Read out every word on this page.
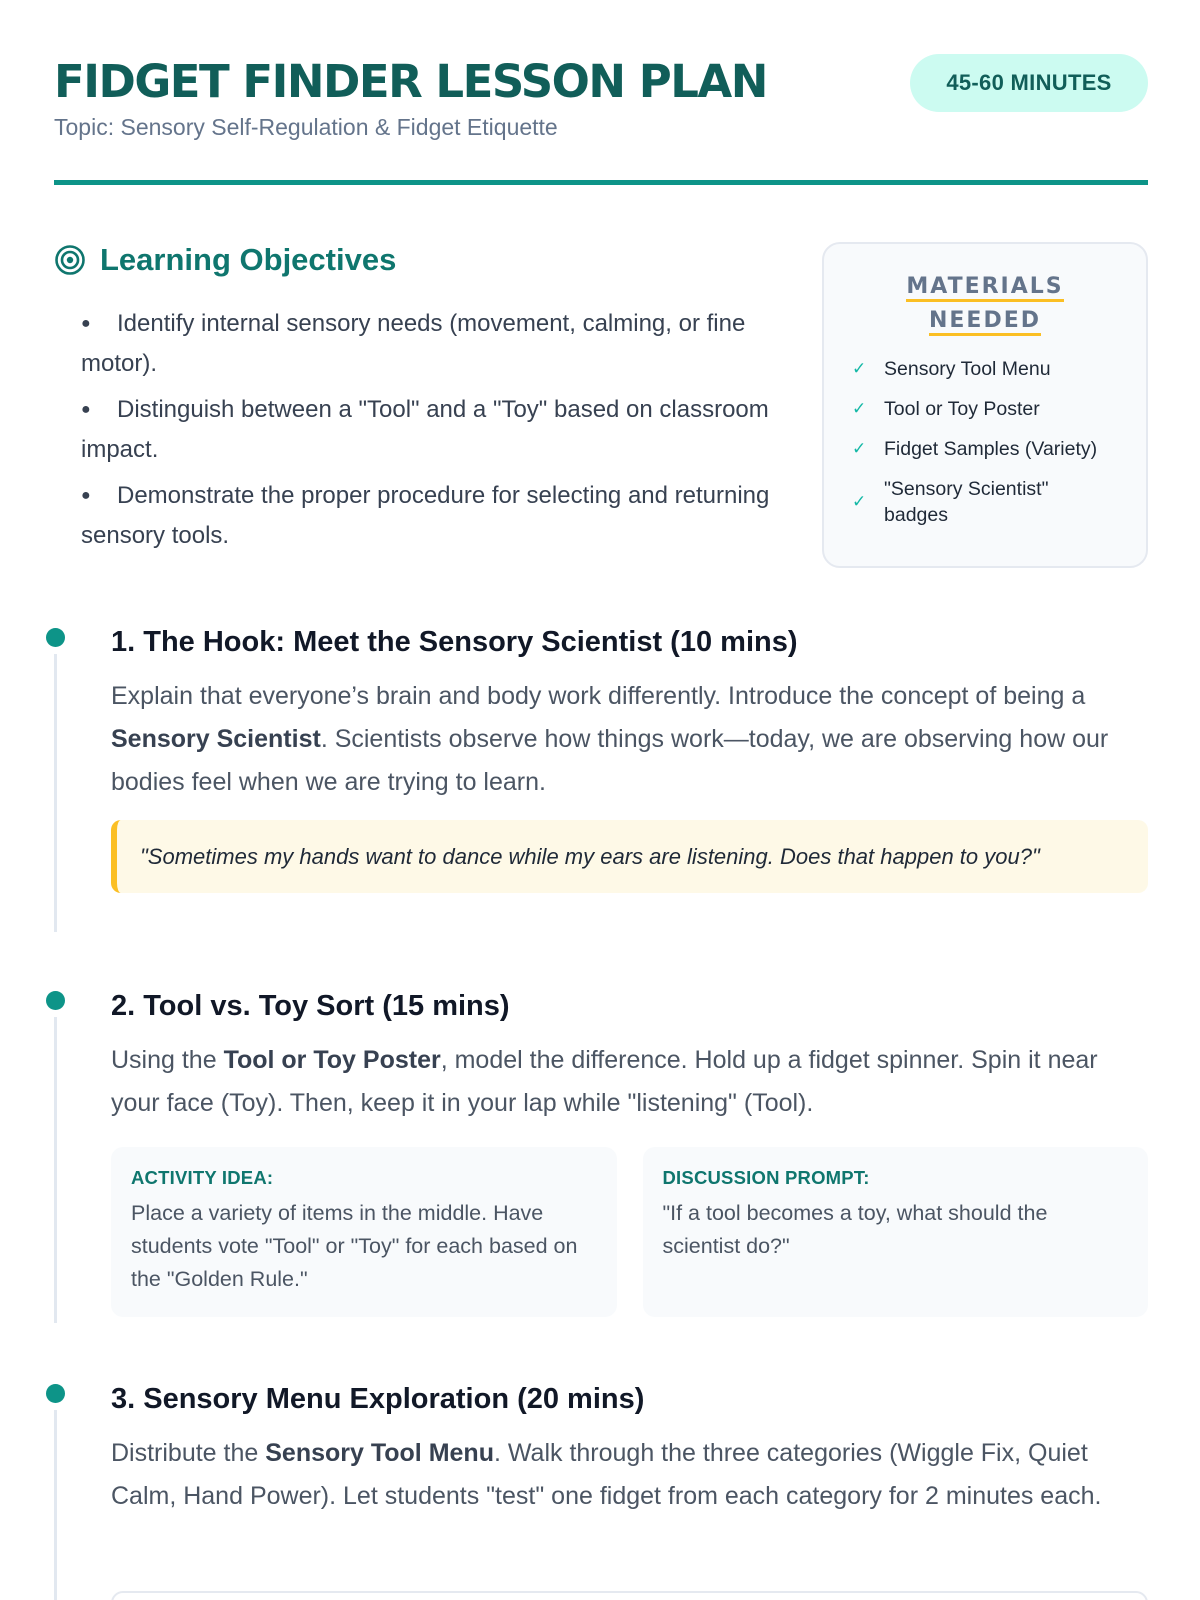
FIDGET FINDER LESSON PLAN
Topic: Sensory Self-Regulation & Fidget Etiquette
45-60 MINUTES
Learning Objectives
● Identify internal sensory needs (movement, calming, or fine motor).
● Distinguish between a "Tool" and a "Toy" based on classroom impact.
● Demonstrate the proper procedure for selecting and returning sensory tools.
MATERIALS
NEEDED
✓ Sensory Tool Menu
✓ Tool or Toy Poster
✓ Fidget Samples (Variety)
✓
"Sensory Scientist" badges
1. The Hook: Meet the Sensory Scientist (10 mins)

Explain that everyone’s brain and body work differently. Introduce the concept of being a Sensory Scientist. Scientists observe how things work—today, we are observing how our bodies feel when we are trying to learn.

"Sometimes my hands want to dance while my ears are listening. Does that happen to you?"
2. Tool vs. Toy Sort (15 mins)

Using the Tool or Toy Poster, model the difference. Hold up a fidget spinner. Spin it near your face (Toy). Then, keep it in your lap while "listening" (Tool).

ACTIVITY IDEA:
Place a variety of items in the middle. Have students vote "Tool" or "Toy" for each based on the "Golden Rule."
DISCUSSION PROMPT:
"If a tool becomes a toy, what should the scientist do?"
3. Sensory Menu Exploration (20 mins)

Distribute the Sensory Tool Menu. Walk through the three categories (Wiggle Fix, Quiet Calm, Hand Power). Let students "test" one fidget from each category for 2 minutes each.
